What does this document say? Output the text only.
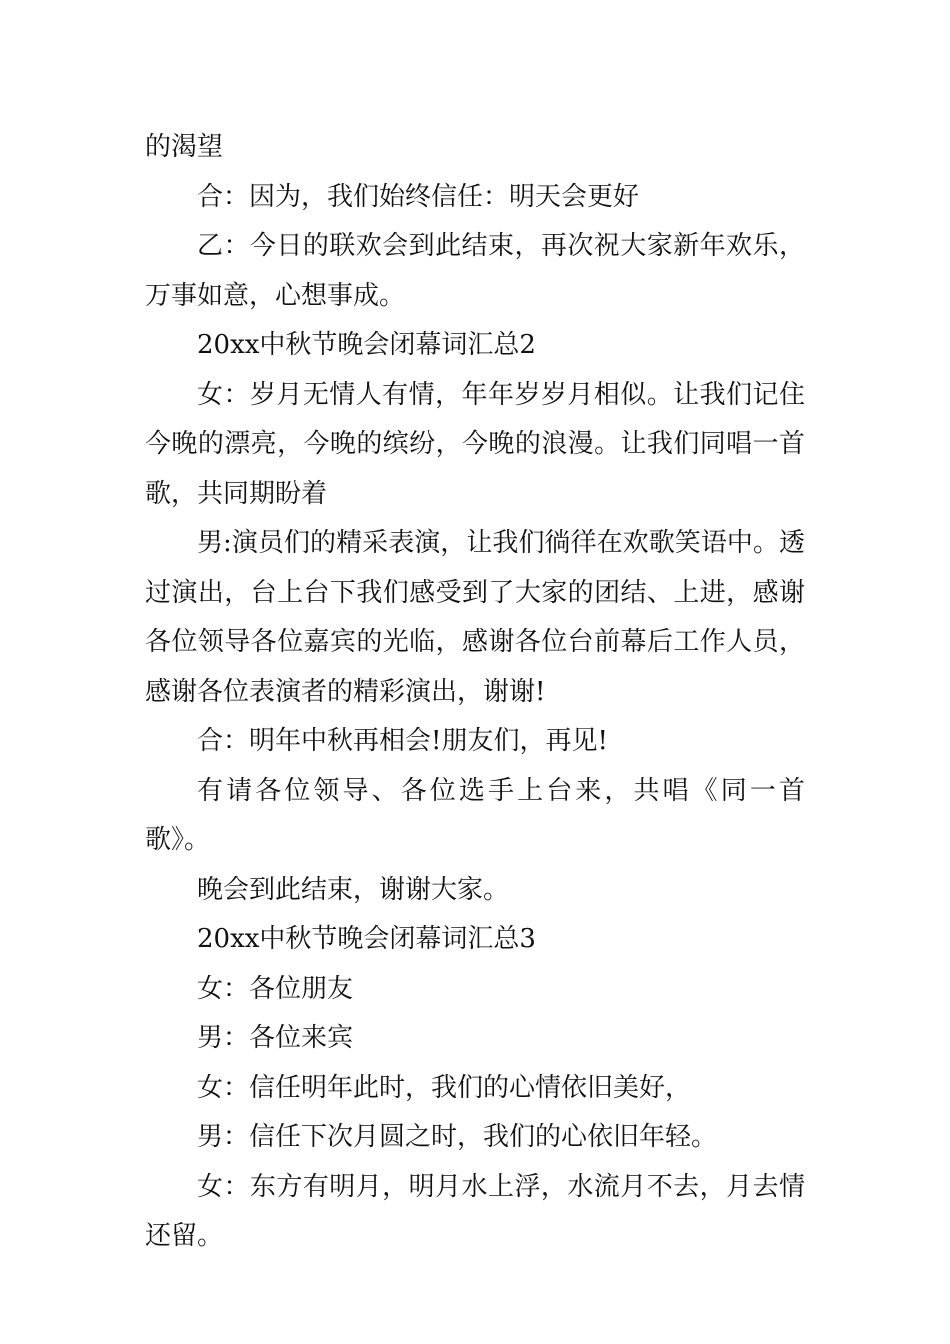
的渴望

合：因为，我们始终信任：明天会更好

乙：今日的联欢会到此结束，再次祝大家新年欢乐，万事如意，心想事成。

20xx中秋节晚会闭幕词汇总2

女：岁月无情人有情，年年岁岁月相似。让我们记住今晚的漂亮，今晚的缤纷，今晚的浪漫。让我们同唱一首歌，共同期盼着

男:演员们的精采表演，让我们徜徉在欢歌笑语中。透过演出，台上台下我们感受到了大家的团结、上进，感谢各位领导各位嘉宾的光临，感谢各位台前幕后工作人员，感谢各位表演者的精彩演出，谢谢!

合：明年中秋再相会!朋友们，再见!

有请各位领导、各位选手上台来，共唱《同一首歌》。

晚会到此结束，谢谢大家。

20xx中秋节晚会闭幕词汇总3

女：各位朋友

男：各位来宾

女：信任明年此时，我们的心情依旧美好，

男：信任下次月圆之时，我们的心依旧年轻。

女：东方有明月，明月水上浮，水流月不去，月去情还留。
